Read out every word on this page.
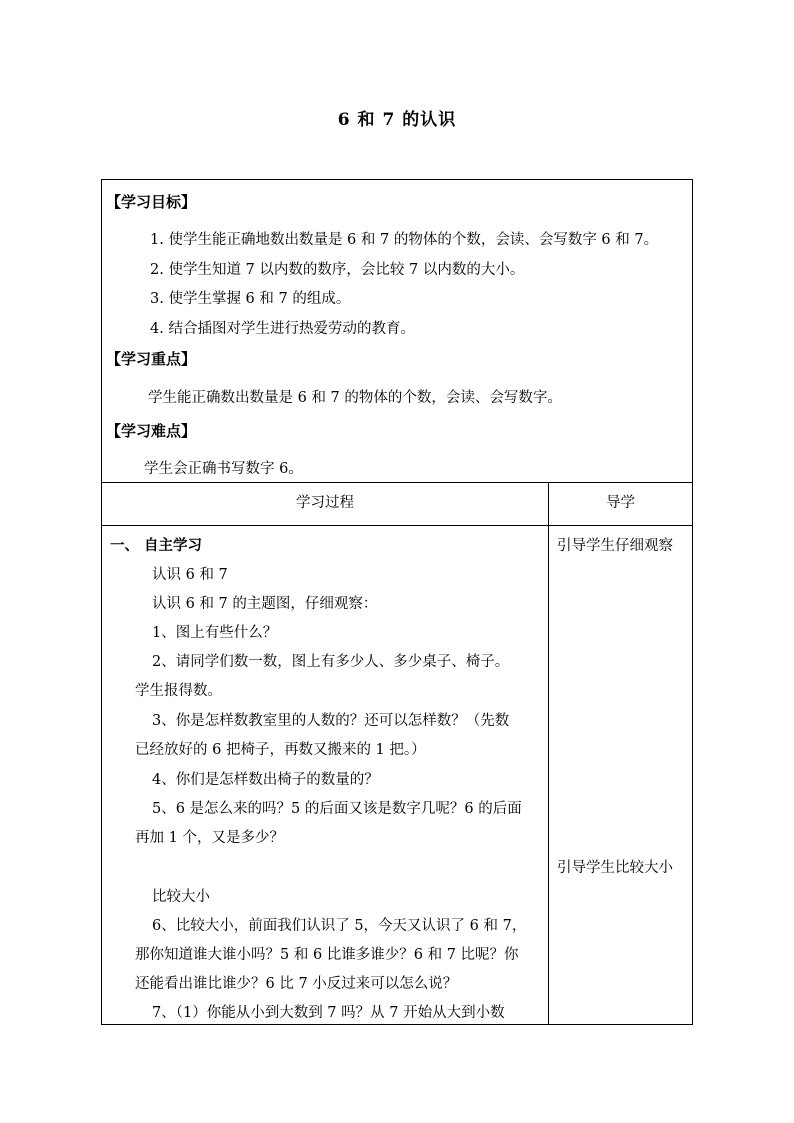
6 和 7 的认识
【学习目标】
1. 使学生能正确地数出数量是 6 和 7 的物体的个数，会读、会写数字 6 和 7。
2. 使学生知道 7 以内数的数序，会比较 7 以内数的大小。
3. 使学生掌握 6 和 7 的组成。
4. 结合插图对学生进行热爱劳动的教育。
【学习重点】
学生能正确数出数量是 6 和 7 的物体的个数，会读、会写数字。
【学习难点】
学生会正确书写数字 6。
学习过程	导学
一、 自主学习
认识 6 和 7
认识 6 和 7 的主题图，仔细观察：
1、图上有些什么？
2、请同学们数一数，图上有多少人、多少桌子、椅子。
学生报得数。
3、你是怎样数教室里的人数的？还可以怎样数？（先数
已经放好的 6 把椅子，再数又搬来的 1 把。）
4、你们是怎样数出椅子的数量的？
5、6 是怎么来的吗？5 的后面又该是数字几呢？6 的后面
再加 1 个，又是多少？
比较大小
6、比较大小，前面我们认识了 5，今天又认识了 6 和 7，
那你知道谁大谁小吗？5 和 6 比谁多谁少？6 和 7 比呢？你
还能看出谁比谁少？6 比 7 小反过来可以怎么说？
7、（1）你能从小到大数到 7 吗？从 7 开始从大到小数
引导学生仔细观察
引导学生比较大小
